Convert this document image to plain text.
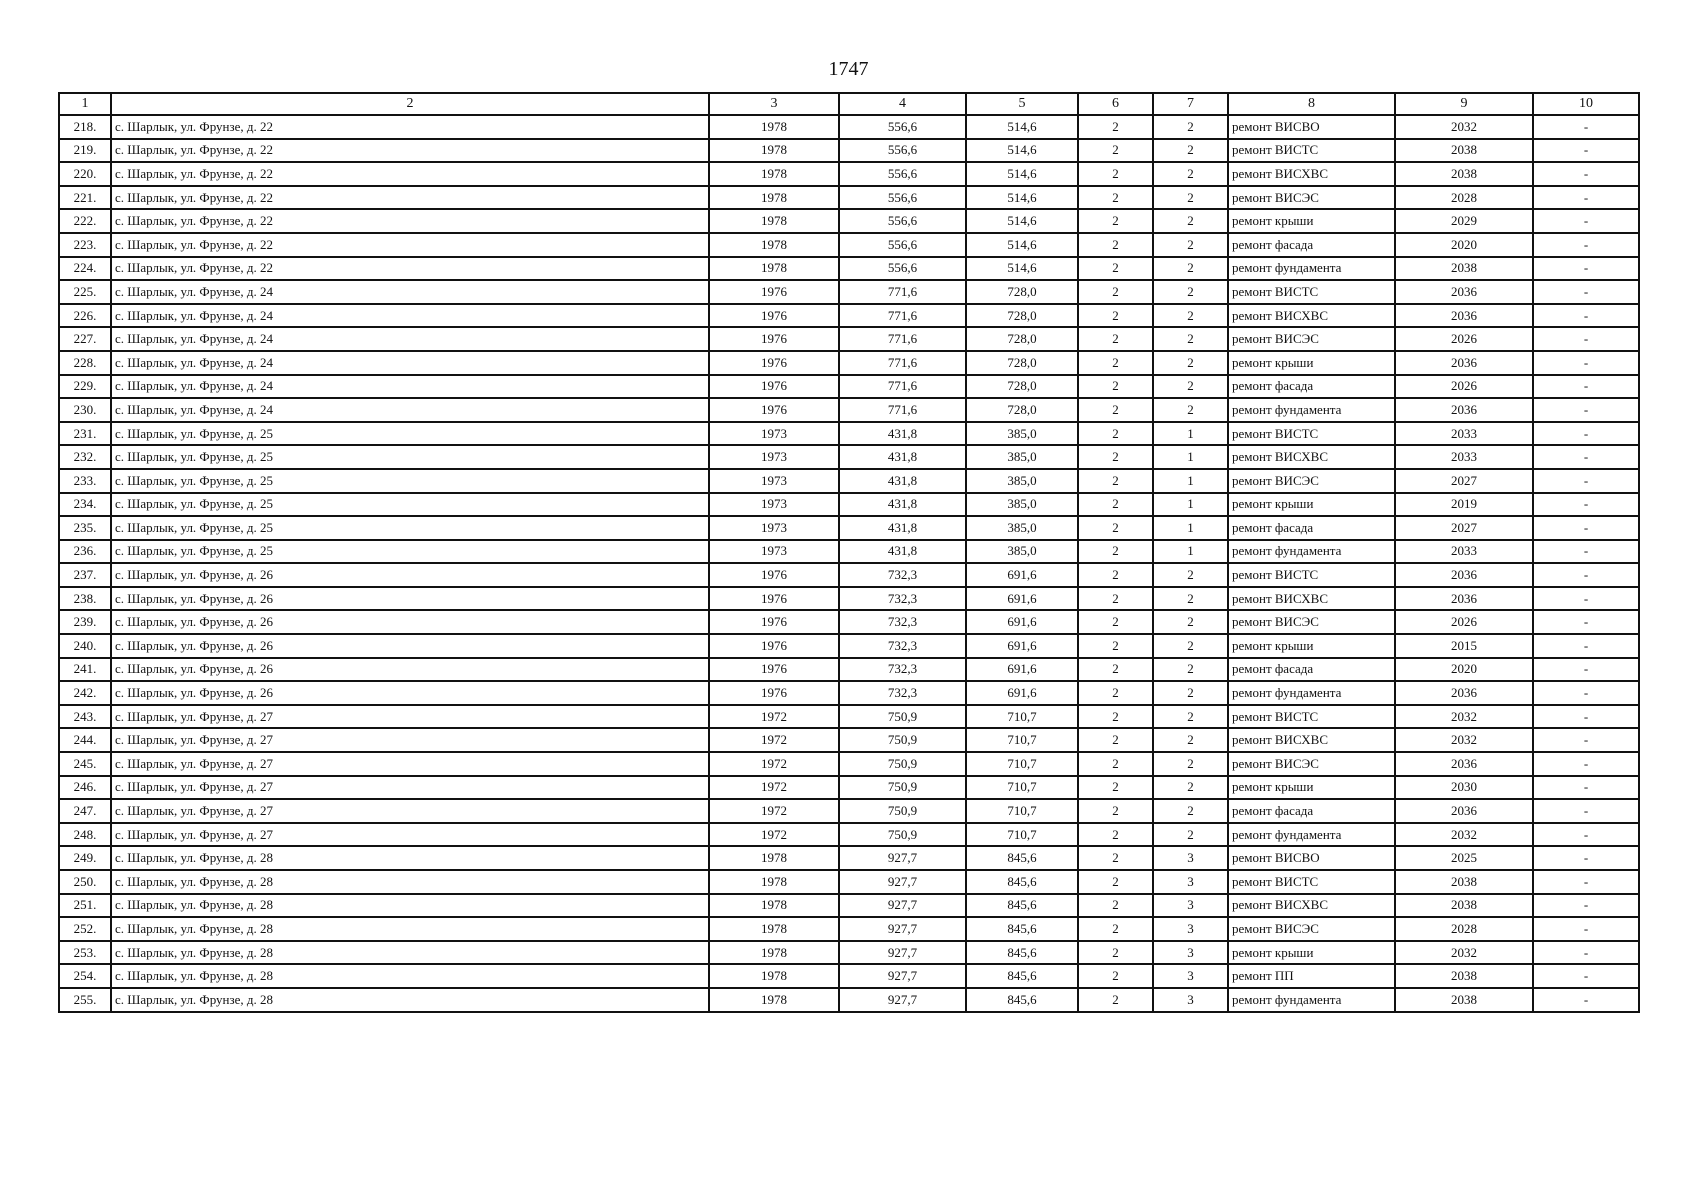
1747
1	2	3	4	5	6	7	8	9	10
218.	с. Шарлык, ул. Фрунзе, д. 22	1978	556,6	514,6	2	2	ремонт ВИСВО	2032	-
219.	с. Шарлык, ул. Фрунзе, д. 22	1978	556,6	514,6	2	2	ремонт ВИСТС	2038	-
220.	с. Шарлык, ул. Фрунзе, д. 22	1978	556,6	514,6	2	2	ремонт ВИСХВС	2038	-
221.	с. Шарлык, ул. Фрунзе, д. 22	1978	556,6	514,6	2	2	ремонт ВИСЭС	2028	-
222.	с. Шарлык, ул. Фрунзе, д. 22	1978	556,6	514,6	2	2	ремонт крыши	2029	-
223.	с. Шарлык, ул. Фрунзе, д. 22	1978	556,6	514,6	2	2	ремонт фасада	2020	-
224.	с. Шарлык, ул. Фрунзе, д. 22	1978	556,6	514,6	2	2	ремонт фундамента	2038	-
225.	с. Шарлык, ул. Фрунзе, д. 24	1976	771,6	728,0	2	2	ремонт ВИСТС	2036	-
226.	с. Шарлык, ул. Фрунзе, д. 24	1976	771,6	728,0	2	2	ремонт ВИСХВС	2036	-
227.	с. Шарлык, ул. Фрунзе, д. 24	1976	771,6	728,0	2	2	ремонт ВИСЭС	2026	-
228.	с. Шарлык, ул. Фрунзе, д. 24	1976	771,6	728,0	2	2	ремонт крыши	2036	-
229.	с. Шарлык, ул. Фрунзе, д. 24	1976	771,6	728,0	2	2	ремонт фасада	2026	-
230.	с. Шарлык, ул. Фрунзе, д. 24	1976	771,6	728,0	2	2	ремонт фундамента	2036	-
231.	с. Шарлык, ул. Фрунзе, д. 25	1973	431,8	385,0	2	1	ремонт ВИСТС	2033	-
232.	с. Шарлык, ул. Фрунзе, д. 25	1973	431,8	385,0	2	1	ремонт ВИСХВС	2033	-
233.	с. Шарлык, ул. Фрунзе, д. 25	1973	431,8	385,0	2	1	ремонт ВИСЭС	2027	-
234.	с. Шарлык, ул. Фрунзе, д. 25	1973	431,8	385,0	2	1	ремонт крыши	2019	-
235.	с. Шарлык, ул. Фрунзе, д. 25	1973	431,8	385,0	2	1	ремонт фасада	2027	-
236.	с. Шарлык, ул. Фрунзе, д. 25	1973	431,8	385,0	2	1	ремонт фундамента	2033	-
237.	с. Шарлык, ул. Фрунзе, д. 26	1976	732,3	691,6	2	2	ремонт ВИСТС	2036	-
238.	с. Шарлык, ул. Фрунзе, д. 26	1976	732,3	691,6	2	2	ремонт ВИСХВС	2036	-
239.	с. Шарлык, ул. Фрунзе, д. 26	1976	732,3	691,6	2	2	ремонт ВИСЭС	2026	-
240.	с. Шарлык, ул. Фрунзе, д. 26	1976	732,3	691,6	2	2	ремонт крыши	2015	-
241.	с. Шарлык, ул. Фрунзе, д. 26	1976	732,3	691,6	2	2	ремонт фасада	2020	-
242.	с. Шарлык, ул. Фрунзе, д. 26	1976	732,3	691,6	2	2	ремонт фундамента	2036	-
243.	с. Шарлык, ул. Фрунзе, д. 27	1972	750,9	710,7	2	2	ремонт ВИСТС	2032	-
244.	с. Шарлык, ул. Фрунзе, д. 27	1972	750,9	710,7	2	2	ремонт ВИСХВС	2032	-
245.	с. Шарлык, ул. Фрунзе, д. 27	1972	750,9	710,7	2	2	ремонт ВИСЭС	2036	-
246.	с. Шарлык, ул. Фрунзе, д. 27	1972	750,9	710,7	2	2	ремонт крыши	2030	-
247.	с. Шарлык, ул. Фрунзе, д. 27	1972	750,9	710,7	2	2	ремонт фасада	2036	-
248.	с. Шарлык, ул. Фрунзе, д. 27	1972	750,9	710,7	2	2	ремонт фундамента	2032	-
249.	с. Шарлык, ул. Фрунзе, д. 28	1978	927,7	845,6	2	3	ремонт ВИСВО	2025	-
250.	с. Шарлык, ул. Фрунзе, д. 28	1978	927,7	845,6	2	3	ремонт ВИСТС	2038	-
251.	с. Шарлык, ул. Фрунзе, д. 28	1978	927,7	845,6	2	3	ремонт ВИСХВС	2038	-
252.	с. Шарлык, ул. Фрунзе, д. 28	1978	927,7	845,6	2	3	ремонт ВИСЭС	2028	-
253.	с. Шарлык, ул. Фрунзе, д. 28	1978	927,7	845,6	2	3	ремонт крыши	2032	-
254.	с. Шарлык, ул. Фрунзе, д. 28	1978	927,7	845,6	2	3	ремонт ПП	2038	-
255.	с. Шарлык, ул. Фрунзе, д. 28	1978	927,7	845,6	2	3	ремонт фундамента	2038	-
